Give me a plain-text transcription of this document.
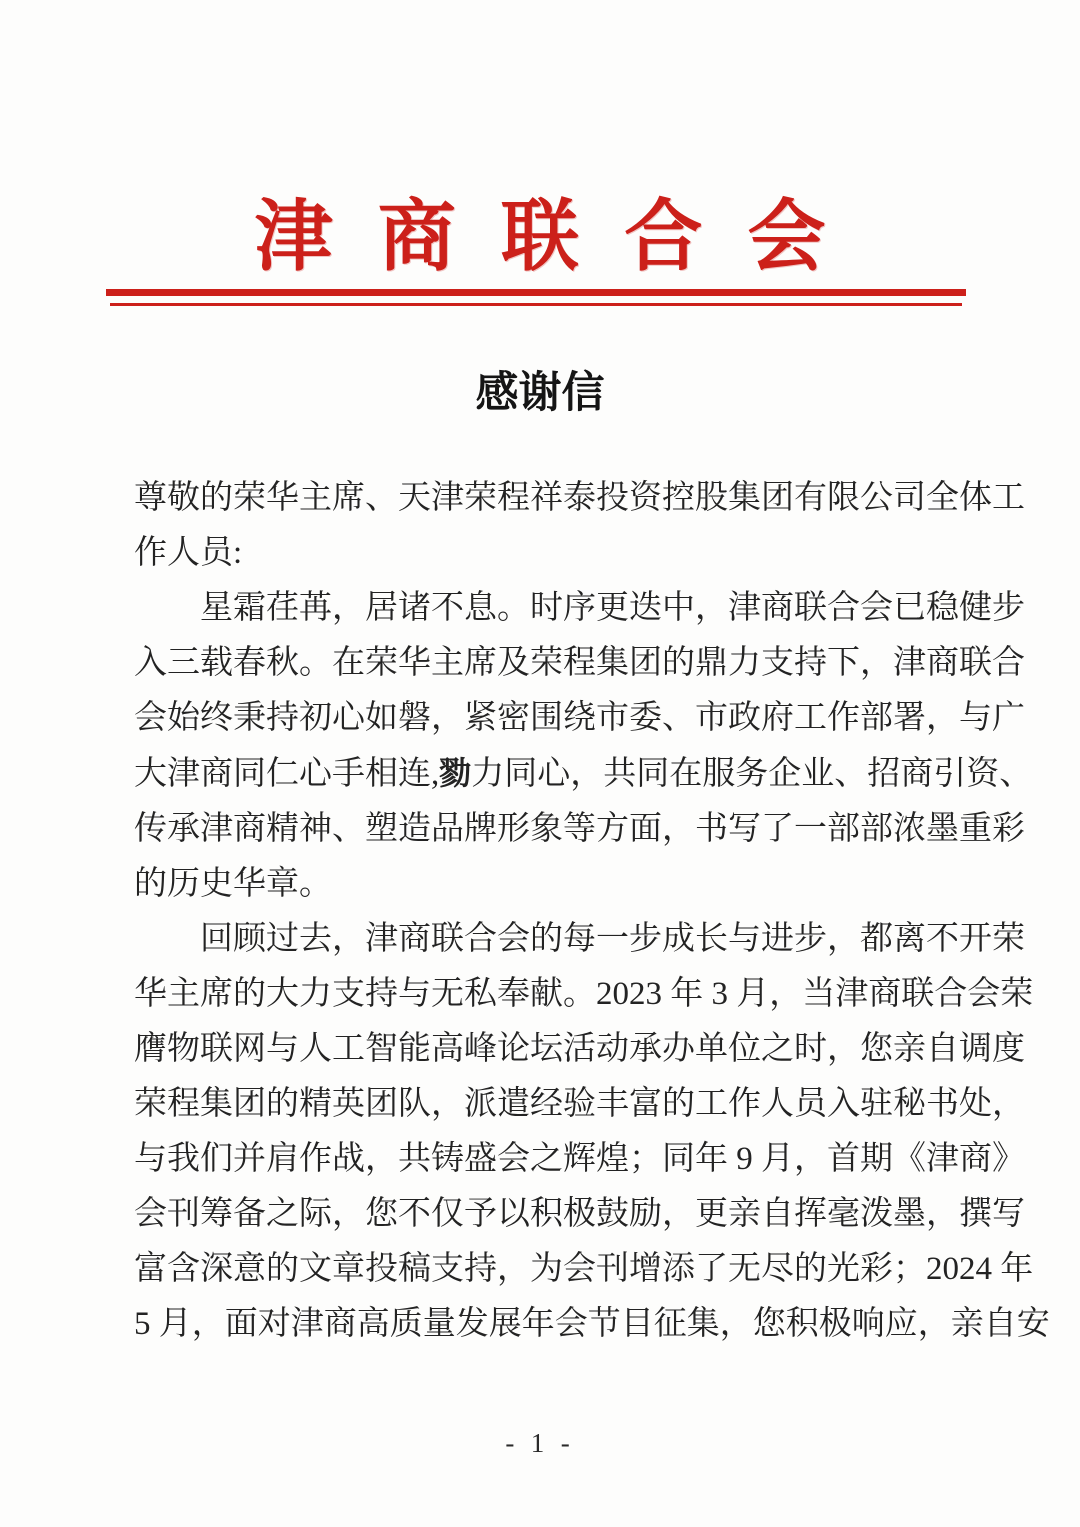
津商联合会
感谢信
尊敬的荣华主席、天津荣程祥泰投资控股集团有限公司全体工
作人员:
星霜荏苒，居诸不息。时序更迭中，津商联合会已稳健步
入三载春秋。在荣华主席及荣程集团的鼎力支持下，津商联合
会始终秉持初心如磐，紧密围绕市委、市政府工作部署，与广
大津商同仁心手相连,勠力同心，共同在服务企业、招商引资、
传承津商精神、塑造品牌形象等方面，书写了一部部浓墨重彩
的历史华章。
回顾过去，津商联合会的每一步成长与进步，都离不开荣
华主席的大力支持与无私奉献。2023 年 3 月，当津商联合会荣
膺物联网与人工智能高峰论坛活动承办单位之时，您亲自调度
荣程集团的精英团队，派遣经验丰富的工作人员入驻秘书处，
与我们并肩作战，共铸盛会之辉煌；同年 9 月，首期《津商》
会刊筹备之际，您不仅予以积极鼓励，更亲自挥毫泼墨，撰写
富含深意的文章投稿支持，为会刊增添了无尽的光彩；2024 年
5 月，面对津商高质量发展年会节目征集，您积极响应，亲自安
- 1 -
